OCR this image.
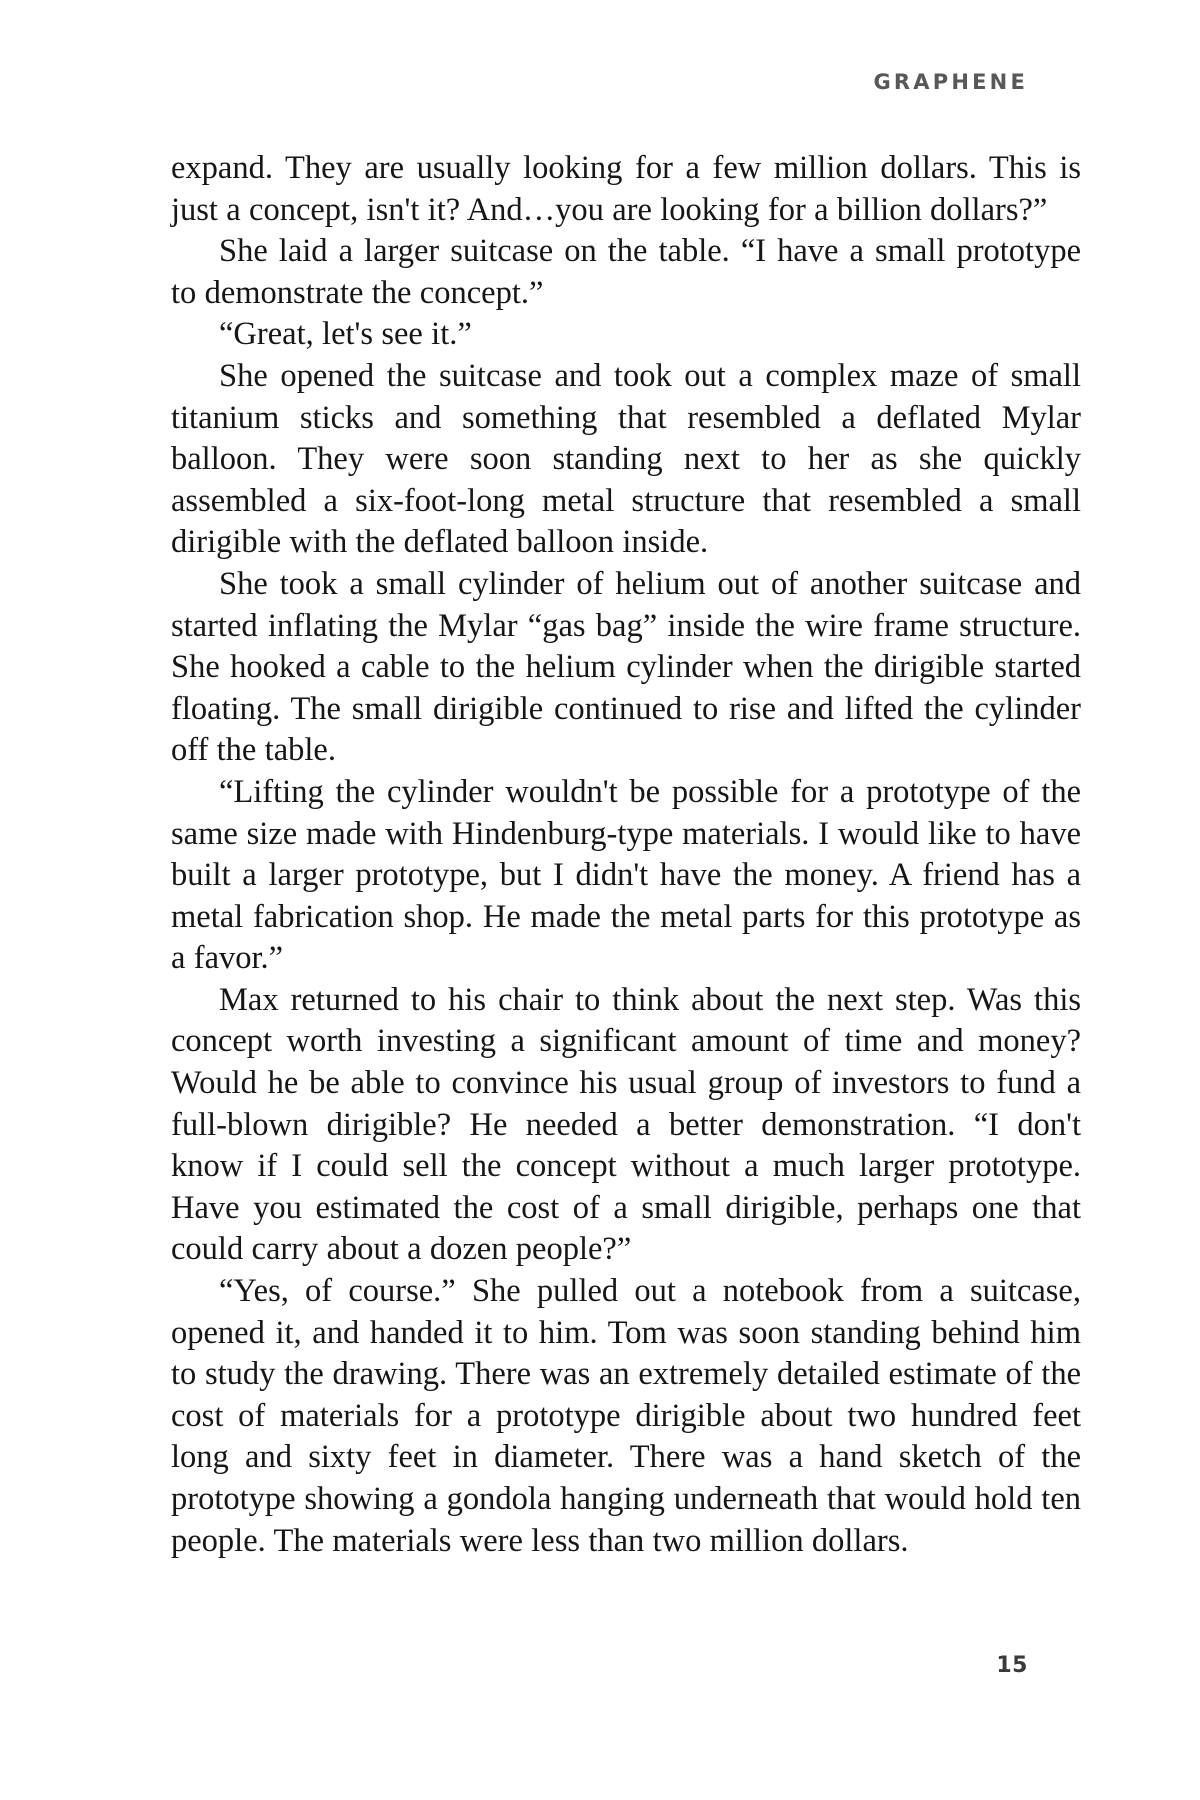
GRAPHENE

expand. They are usually looking for a few million dollars. This is just a concept, isn't it? And…you are looking for a billion dollars?”

She laid a larger suitcase on the table. “I have a small prototype to demonstrate the concept.”

“Great, let's see it.”

She opened the suitcase and took out a complex maze of small titanium sticks and something that resembled a deflated Mylar balloon. They were soon standing next to her as she quickly assembled a six-foot-long metal structure that resembled a small dirigible with the deflated balloon inside.

She took a small cylinder of helium out of another suitcase and started inflating the Mylar “gas bag” inside the wire frame structure. She hooked a cable to the helium cylinder when the dirigible started floating. The small dirigible continued to rise and lifted the cylinder off the table.

“Lifting the cylinder wouldn't be possible for a prototype of the same size made with Hindenburg-type materials. I would like to have built a larger prototype, but I didn't have the money. A friend has a metal fabrication shop. He made the metal parts for this prototype as a favor.”

Max returned to his chair to think about the next step. Was this concept worth investing a significant amount of time and money? Would he be able to convince his usual group of investors to fund a full-blown dirigible? He needed a better demonstration. “I don't know if I could sell the concept without a much larger prototype. Have you estimated the cost of a small dirigible, perhaps one that could carry about a dozen people?”

“Yes, of course.” She pulled out a notebook from a suitcase, opened it, and handed it to him. Tom was soon standing behind him to study the drawing. There was an extremely detailed estimate of the cost of materials for a prototype dirigible about two hundred feet long and sixty feet in diameter. There was a hand sketch of the prototype showing a gondola hanging underneath that would hold ten people. The materials were less than two million dollars.

15
